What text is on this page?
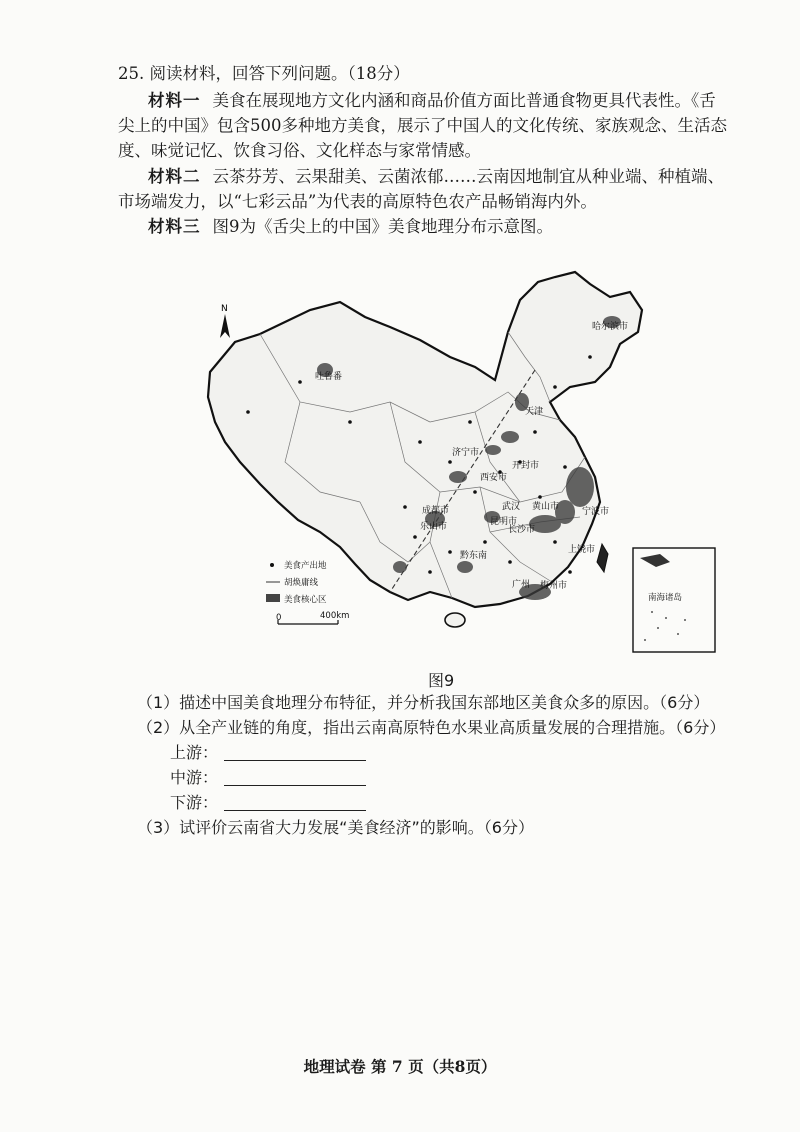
25. 阅读材料，回答下列问题。（18分）
材料一 美食在展现地方文化内涵和商品价值方面比普通食物更具代表性。《舌
尖上的中国》包含500多种地方美食，展示了中国人的文化传统、家族观念、生活态
度、味觉记忆、饮食习俗、文化样态与家常情感。
材料二 云茶芬芳、云果甜美、云菌浓郁……云南因地制宜从种业端、种植端、
市场端发力，以“七彩云品”为代表的高原特色农产品畅销海内外。
材料三 图9为《舌尖上的中国》美食地理分布示意图。
哈尔滨市
吐鲁番
天津
济宁市
西安市
开封市
成都市
乐山市
武汉 黄山市	宁波市
长沙市
昆明市
黔东南
广州 梅州市
上饶市
N
美食产出地
胡焕庸线
美食核心区
0	400km
南海诸岛
图9
（1）描述中国美食地理分布特征，并分析我国东部地区美食众多的原因。（6分）
（2）从全产业链的角度，指出云南高原特色水果业高质量发展的合理措施。（6分）
上游：
中游：
下游：
（3）试评价云南省大力发展“美食经济”的影响。（6分）
地理试卷 第 7 页（共8页）
